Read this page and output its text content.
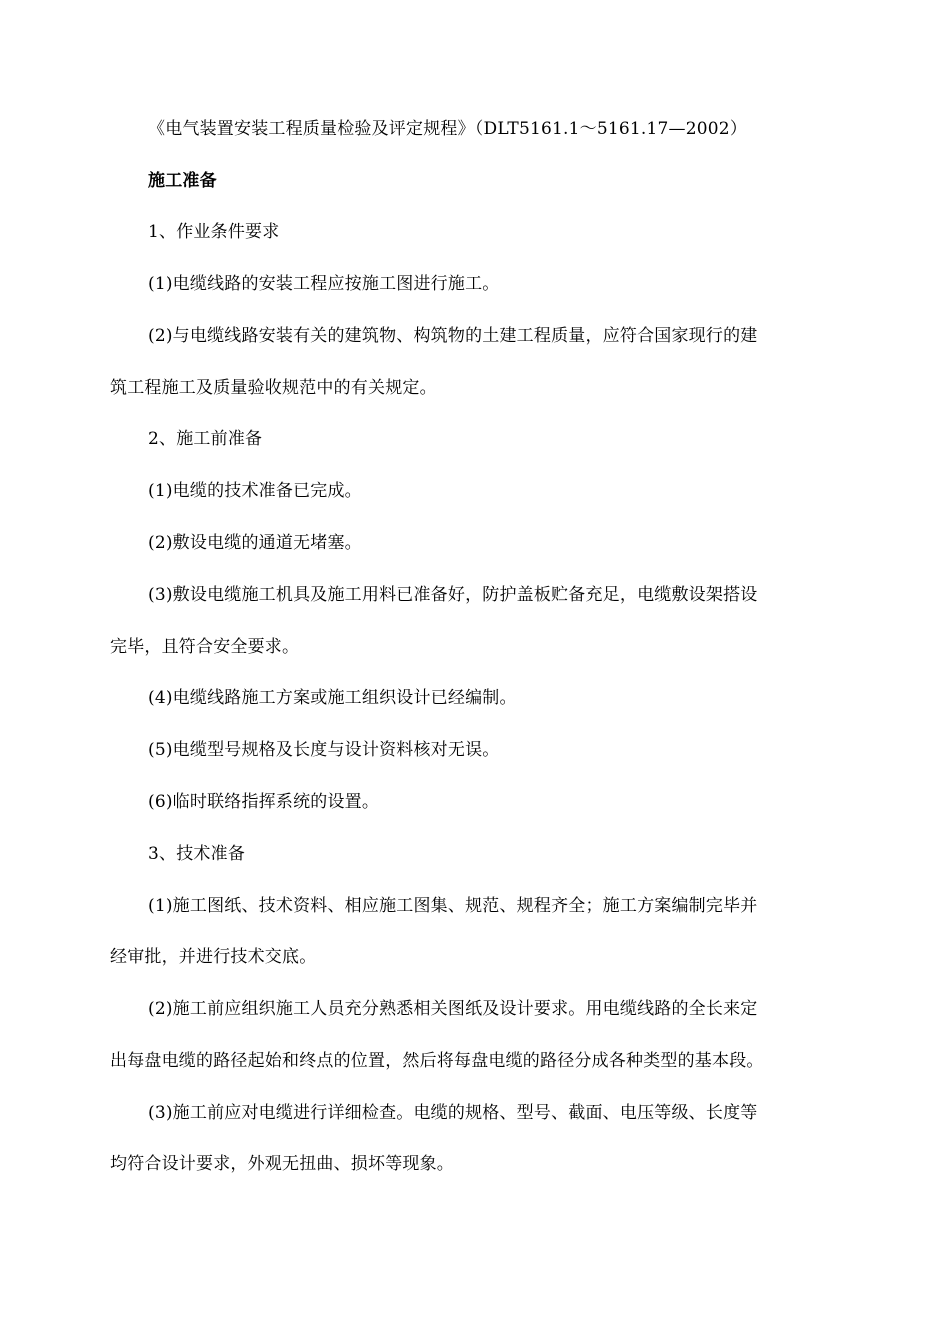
《电气装置安装工程质量检验及评定规程》（DLT5161.1～5161.17—2002）
施工准备
1、作业条件要求
(1)电缆线路的安装工程应按施工图进行施工。
(2)与电缆线路安装有关的建筑物、构筑物的土建工程质量，应符合国家现行的建
筑工程施工及质量验收规范中的有关规定。
2、施工前准备
(1)电缆的技术准备已完成。
(2)敷设电缆的通道无堵塞。
(3)敷设电缆施工机具及施工用料已准备好，防护盖板贮备充足，电缆敷设架搭设
完毕，且符合安全要求。
(4)电缆线路施工方案或施工组织设计已经编制。
(5)电缆型号规格及长度与设计资料核对无误。
(6)临时联络指挥系统的设置。
3、技术准备
(1)施工图纸、技术资料、相应施工图集、规范、规程齐全；施工方案编制完毕并
经审批，并进行技术交底。
(2)施工前应组织施工人员充分熟悉相关图纸及设计要求。用电缆线路的全长来定
出每盘电缆的路径起始和终点的位置，然后将每盘电缆的路径分成各种类型的基本段。
(3)施工前应对电缆进行详细检查。电缆的规格、型号、截面、电压等级、长度等
均符合设计要求，外观无扭曲、损坏等现象。
